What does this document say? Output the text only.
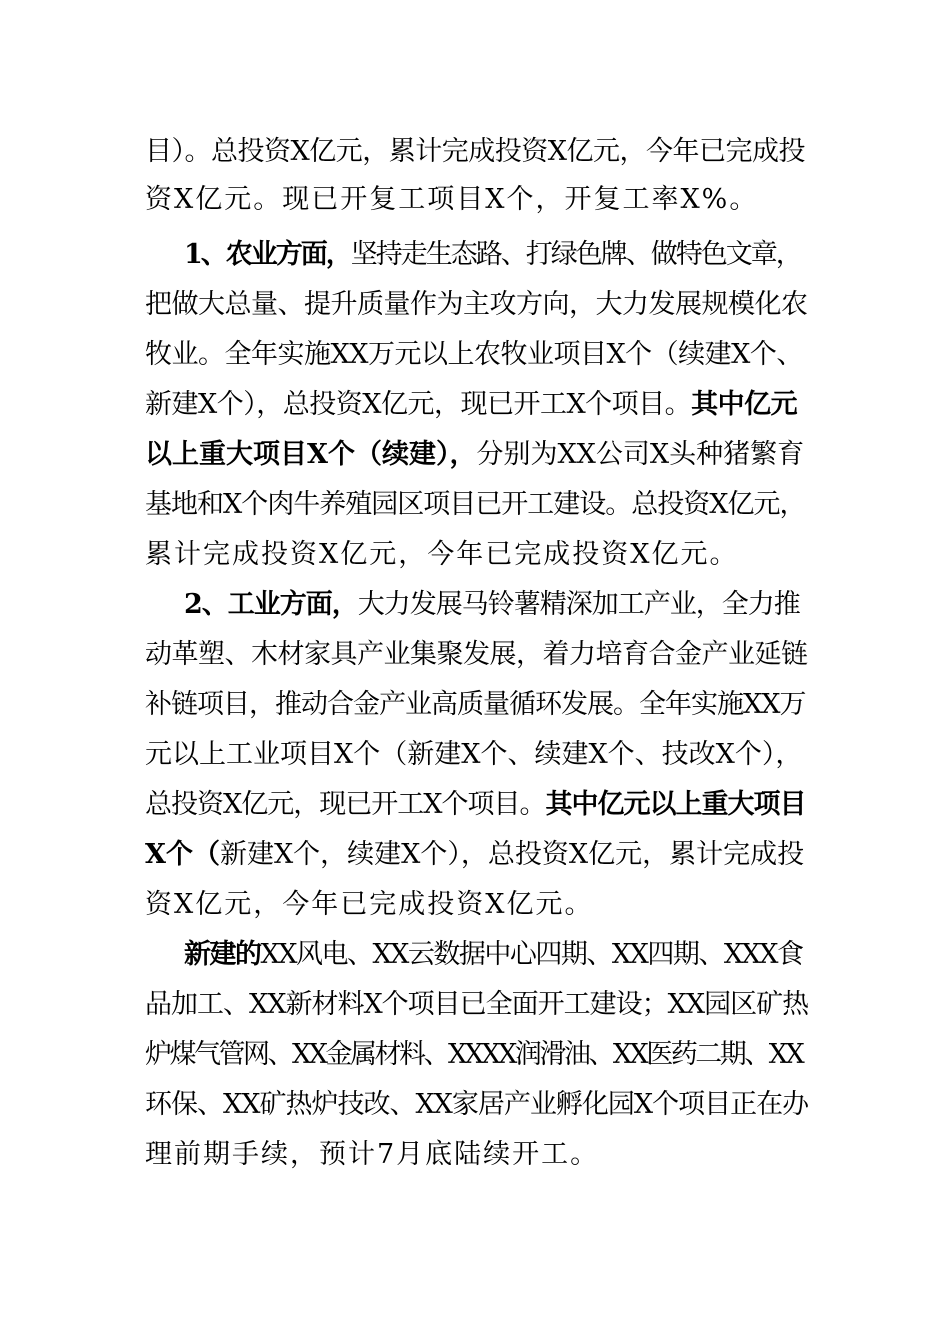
目）。总投资X亿元，累计完成投资X亿元，今年已完成投
资X亿元。现已开复工项目X个，开复工率X%。
1、农业方面，坚持走生态路、打绿色牌、做特色文章，
把做大总量、提升质量作为主攻方向，大力发展规模化农
牧业。全年实施XX万元以上农牧业项目X个（续建X个、
新建X个），总投资X亿元，现已开工X个项目。其中亿元
以上重大项目X个（续建），分别为XX公司X头种猪繁育
基地和X个肉牛养殖园区项目已开工建设。总投资X亿元，
累计完成投资X亿元，今年已完成投资X亿元。
2、工业方面，大力发展马铃薯精深加工产业，全力推
动革塑、木材家具产业集聚发展，着力培育合金产业延链
补链项目，推动合金产业高质量循环发展。全年实施XX万
元以上工业项目X个（新建X个、续建X个、技改X个），
总投资X亿元，现已开工X个项目。其中亿元以上重大项目
X个（新建X个，续建X个），总投资X亿元，累计完成投
资X亿元，今年已完成投资X亿元。
新建的XX风电、XX云数据中心四期、XX四期、XXX食
品加工、XX新材料X个项目已全面开工建设；XX园区矿热
炉煤气管网、XX金属材料、XXXX润滑油、XX医药二期、XX
环保、XX矿热炉技改、XX家居产业孵化园X个项目正在办
理前期手续，预计7月底陆续开工。
